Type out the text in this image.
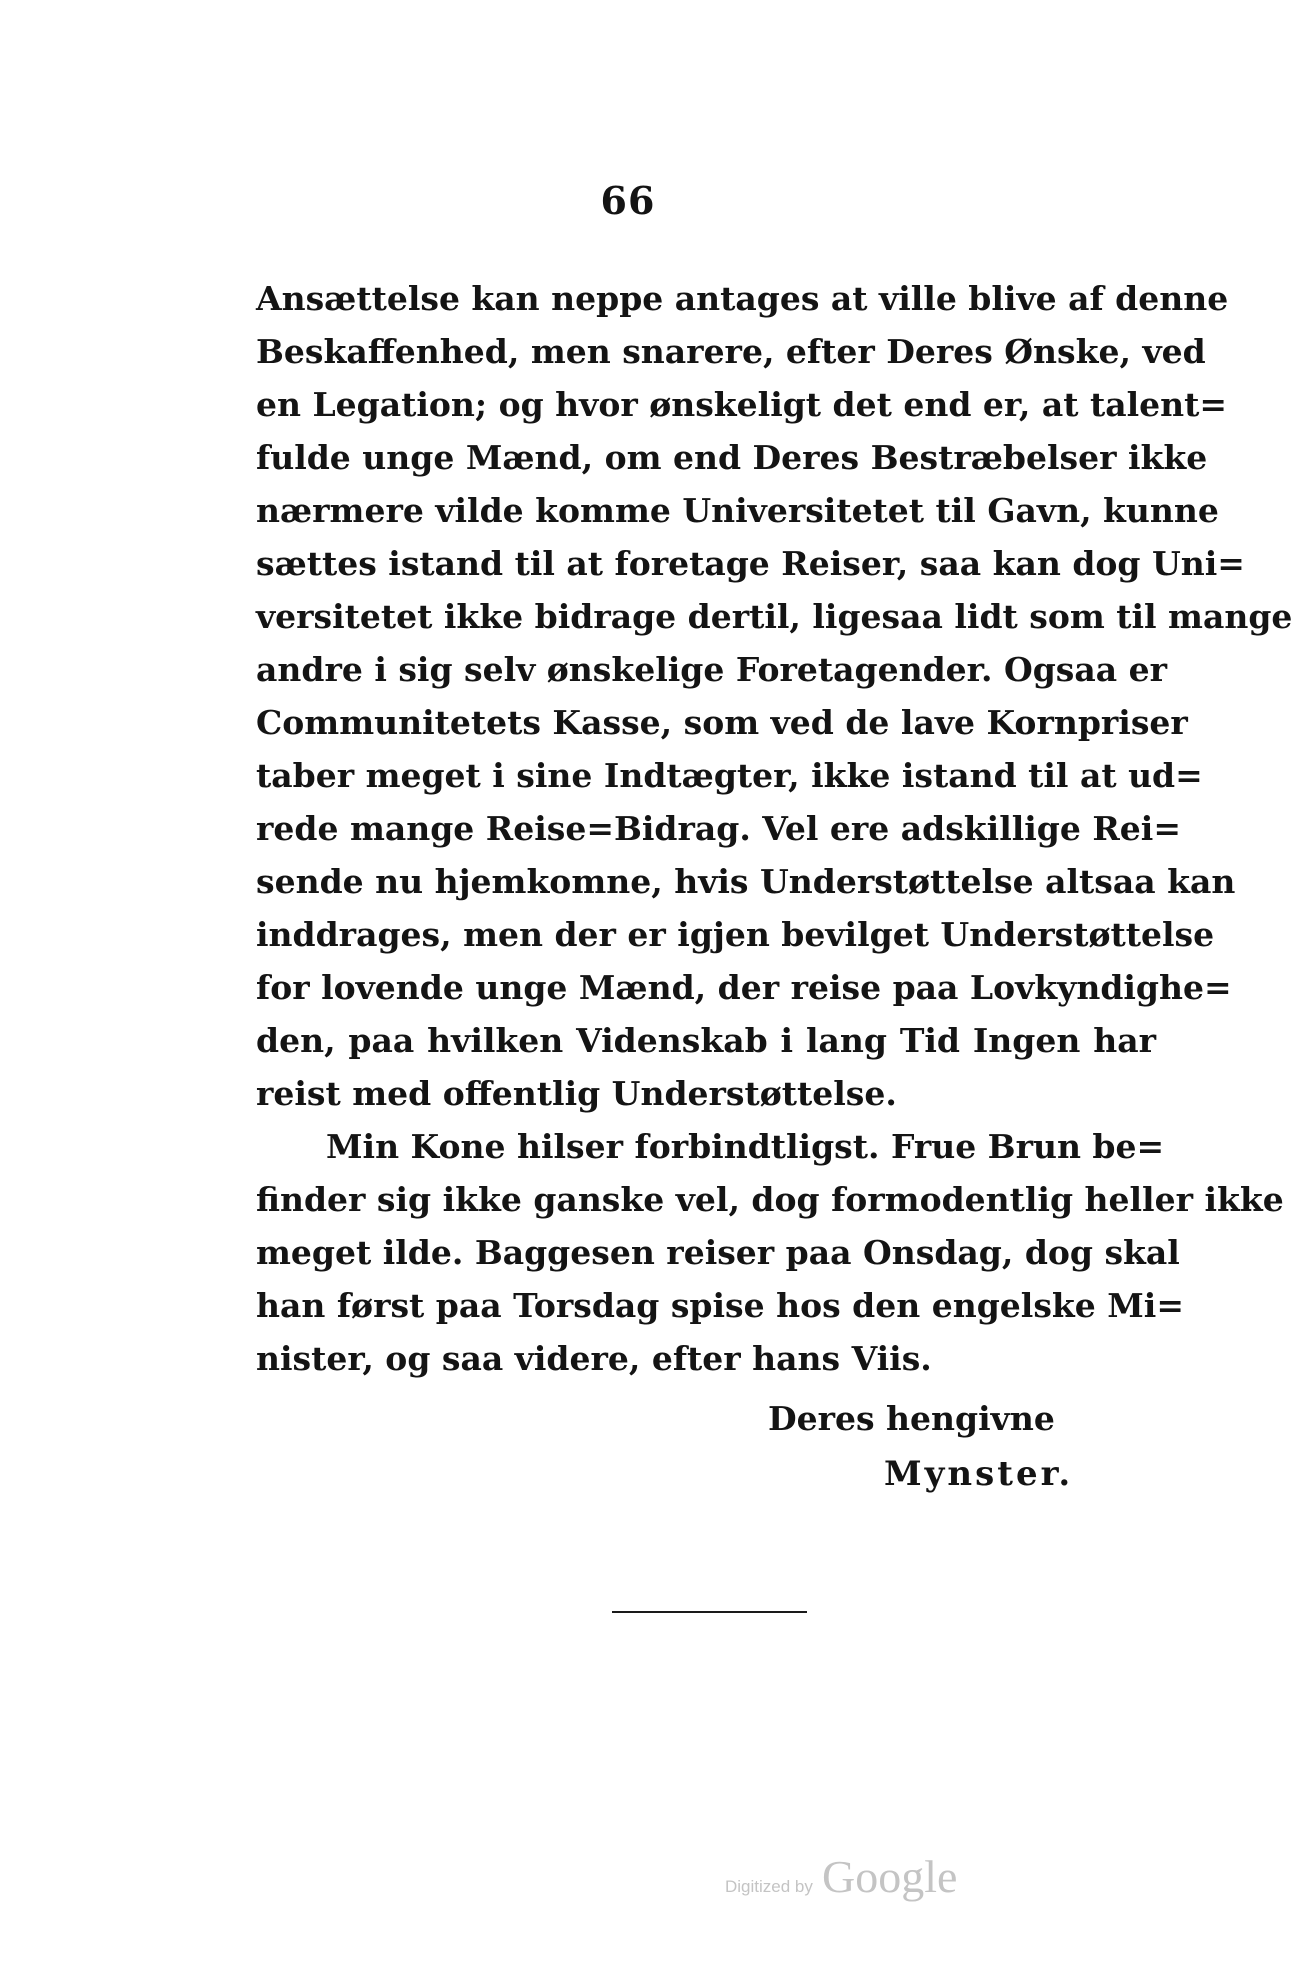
66
Ansættelse kan neppe antages at ville blive af denne
Beskaffenhed, men snarere, efter Deres Ønske, ved
en Legation; og hvor ønskeligt det end er, at talent=
fulde unge Mænd, om end Deres Bestræbelser ikke
nærmere vilde komme Universitetet til Gavn, kunne
sættes istand til at foretage Reiser, saa kan dog Uni=
versitetet ikke bidrage dertil, ligesaa lidt som til mange
andre i sig selv ønskelige Foretagender. Ogsaa er
Communitetets Kasse, som ved de lave Kornpriser
taber meget i sine Indtægter, ikke istand til at ud=
rede mange Reise=Bidrag. Vel ere adskillige Rei=
sende nu hjemkomne, hvis Understøttelse altsaa kan
inddrages, men der er igjen bevilget Understøttelse
for lovende unge Mænd, der reise paa Lovkyndighe=
den, paa hvilken Videnskab i lang Tid Ingen har
reist med offentlig Understøttelse.
Min Kone hilser forbindtligst. Frue Brun be=
finder sig ikke ganske vel, dog formodentlig heller ikke
meget ilde. Baggesen reiser paa Onsdag, dog skal
han først paa Torsdag spise hos den engelske Mi=
nister, og saa videre, efter hans Viis.
Deres hengivne
Mynster.
Digitized by Google
